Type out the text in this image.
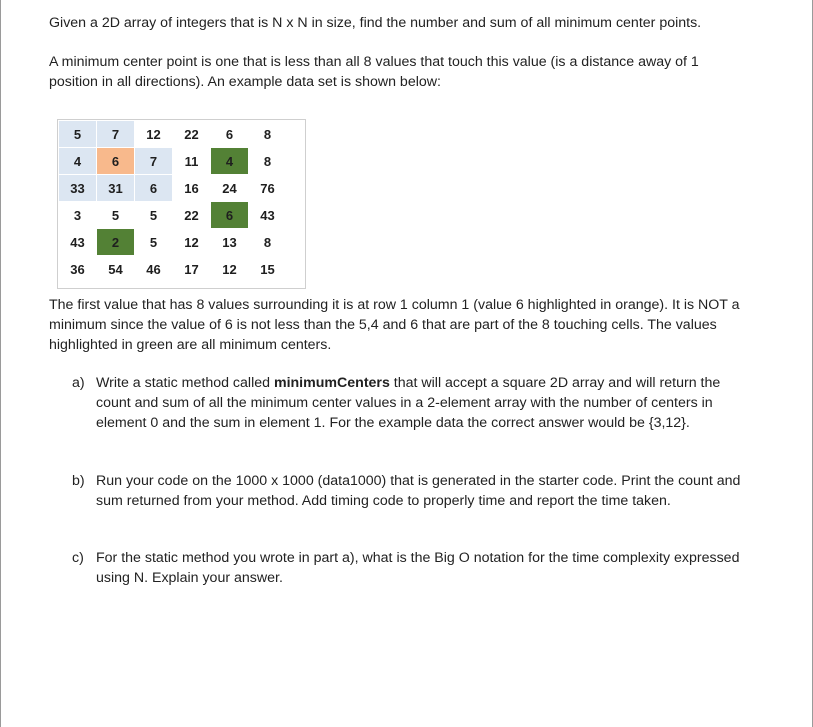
Given a 2D array of integers that is N x N in size, find the number and sum of all minimum center points.

A minimum center point is one that is less than all 8 values that touch this value (is a distance away of 1 position in all directions). An example data set is shown below:

5	7	12	22	6	8
4	6	7	11	4	8
33	31	6	16	24	76
3	5	5	22	6	43
43	2	5	12	13	8
36	54	46	17	12	15

The first value that has 8 values surrounding it is at row 1 column 1 (value 6 highlighted in orange). It is NOT a minimum since the value of 6 is not less than the 5,4 and 6 that are part of the 8 touching cells. The values highlighted in green are all minimum centers.

a) Write a static method called minimumCenters that will accept a square 2D array and will return the count and sum of all the minimum center values in a 2-element array with the number of centers in element 0 and the sum in element 1. For the example data the correct answer would be {3,12}.

b) Run your code on the 1000 x 1000 (data1000) that is generated in the starter code. Print the count and sum returned from your method. Add timing code to properly time and report the time taken.

c) For the static method you wrote in part a), what is the Big O notation for the time complexity expressed using N. Explain your answer.
